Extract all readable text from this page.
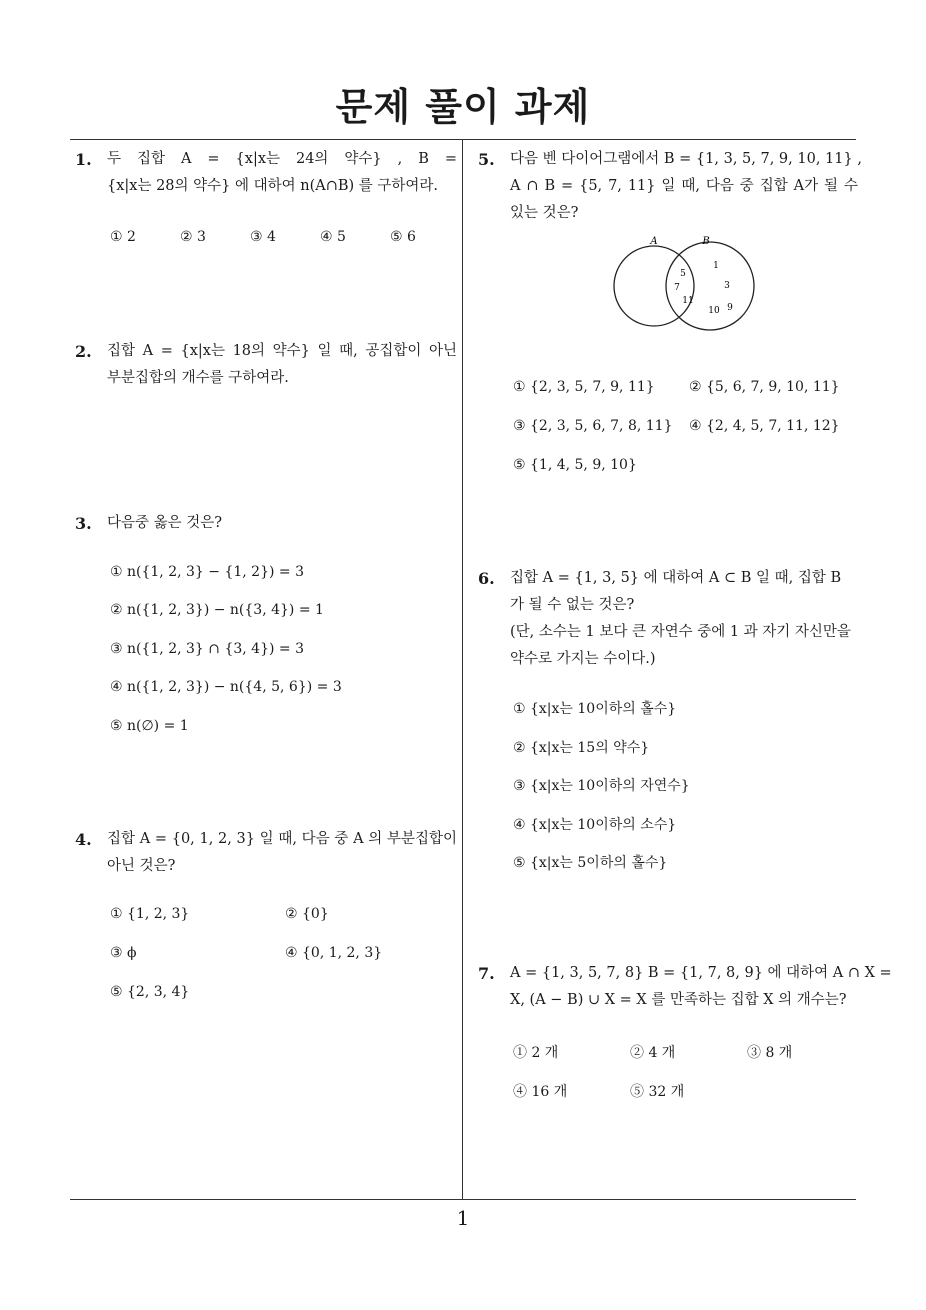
문제 풀이 과제
1
1. 두 집합 A = {x|x는 24의 약수} , B =
{x|x는 28의 약수} 에 대하여 n(A∩B) 를 구하여라.
① 2	② 3	③ 4	④ 5	⑤ 6
2. 집합 A = {x|x는 18의 약수} 일 때, 공집합이 아닌
부분집합의 개수를 구하여라.
3. 다음중 옳은 것은?
① n({1, 2, 3} − {1, 2}) = 3
② n({1, 2, 3}) − n({3, 4}) = 1
③ n({1, 2, 3} ∩ {3, 4}) = 3
④ n({1, 2, 3}) − n({4, 5, 6}) = 3
⑤ n(∅) = 1
4. 집합 A = {0, 1, 2, 3} 일 때, 다음 중 A 의 부분집합이
아닌 것은?
① {1, 2, 3}	② {0}
③ ϕ	④ {0, 1, 2, 3}
⑤ {2, 3, 4}
5. 다음 벤 다이어그램에서 B = {1, 3, 5, 7, 9, 10, 11} ,
A ∩ B = {5, 7, 11} 일 때, 다음 중 집합 A가 될 수
있는 것은?
A	B
5
7
11
1
3
10 9
① {2, 3, 5, 7, 9, 11} ② {5, 6, 7, 9, 10, 11}
③ {2, 3, 5, 6, 7, 8, 11} ④ {2, 4, 5, 7, 11, 12}
⑤ {1, 4, 5, 9, 10}
6. 집합 A = {1, 3, 5} 에 대하여 A ⊂ B 일 때, 집합 B
가 될 수 없는 것은?
(단, 소수는 1 보다 큰 자연수 중에 1 과 자기 자신만을
약수로 가지는 수이다.)
① {x|x는 10이하의 홀수}
② {x|x는 15의 약수}
③ {x|x는 10이하의 자연수}
④ {x|x는 10이하의 소수}
⑤ {x|x는 5이하의 홀수}
7. A = {1, 3, 5, 7, 8} B = {1, 7, 8, 9} 에 대하여 A ∩ X =
X, (A − B) ∪ X = X 를 만족하는 집합 X 의 개수는?
① 2 개	② 4 개	③ 8 개
④ 16 개	⑤ 32 개
